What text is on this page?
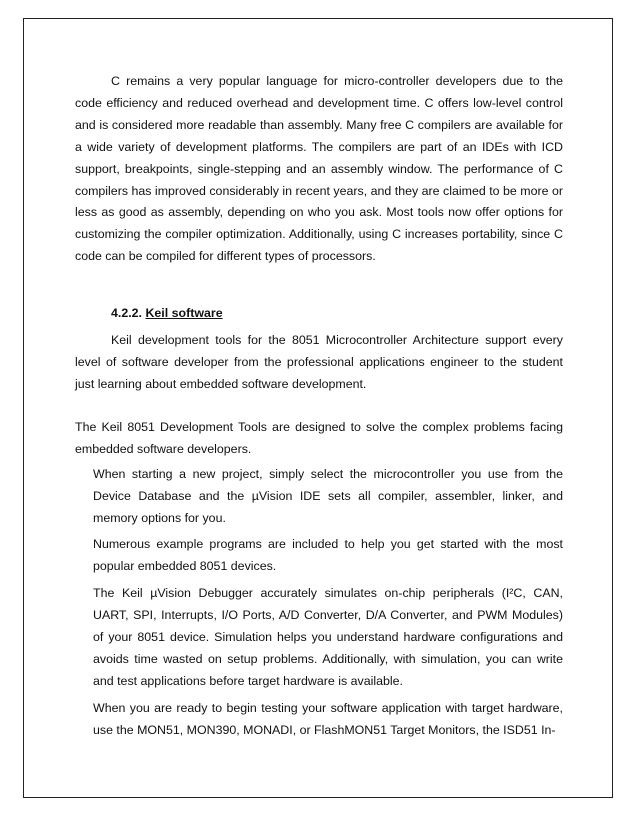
C remains a very popular language for micro-controller developers due to the code efficiency and reduced overhead and development time. C offers low-level control and is considered more readable than assembly. Many free C compilers are available for a wide variety of development platforms. The compilers are part of an IDEs with ICD support, breakpoints, single-stepping and an assembly window. The performance of C compilers has improved considerably in recent years, and they are claimed to be more or less as good as assembly, depending on who you ask. Most tools now offer options for customizing the compiler optimization. Additionally, using C increases portability, since C code can be compiled for different types of processors.

4.2.2. Keil software

Keil development tools for the 8051 Microcontroller Architecture support every level of software developer from the professional applications engineer to the student just learning about embedded software development.

The Keil 8051 Development Tools are designed to solve the complex problems facing embedded software developers.

When starting a new project, simply select the microcontroller you use from the Device Database and the µVision IDE sets all compiler, assembler, linker, and memory options for you.
Numerous example programs are included to help you get started with the most popular embedded 8051 devices.
The Keil µVision Debugger accurately simulates on-chip peripherals (I²C, CAN, UART, SPI, Interrupts, I/O Ports, A/D Converter, D/A Converter, and PWM Modules) of your 8051 device. Simulation helps you understand hardware configurations and avoids time wasted on setup problems. Additionally, with simulation, you can write and test applications before target hardware is available.
When you are ready to begin testing your software application with target hardware, use the MON51, MON390, MONADI, or FlashMON51 Target Monitors, the ISD51 In-
